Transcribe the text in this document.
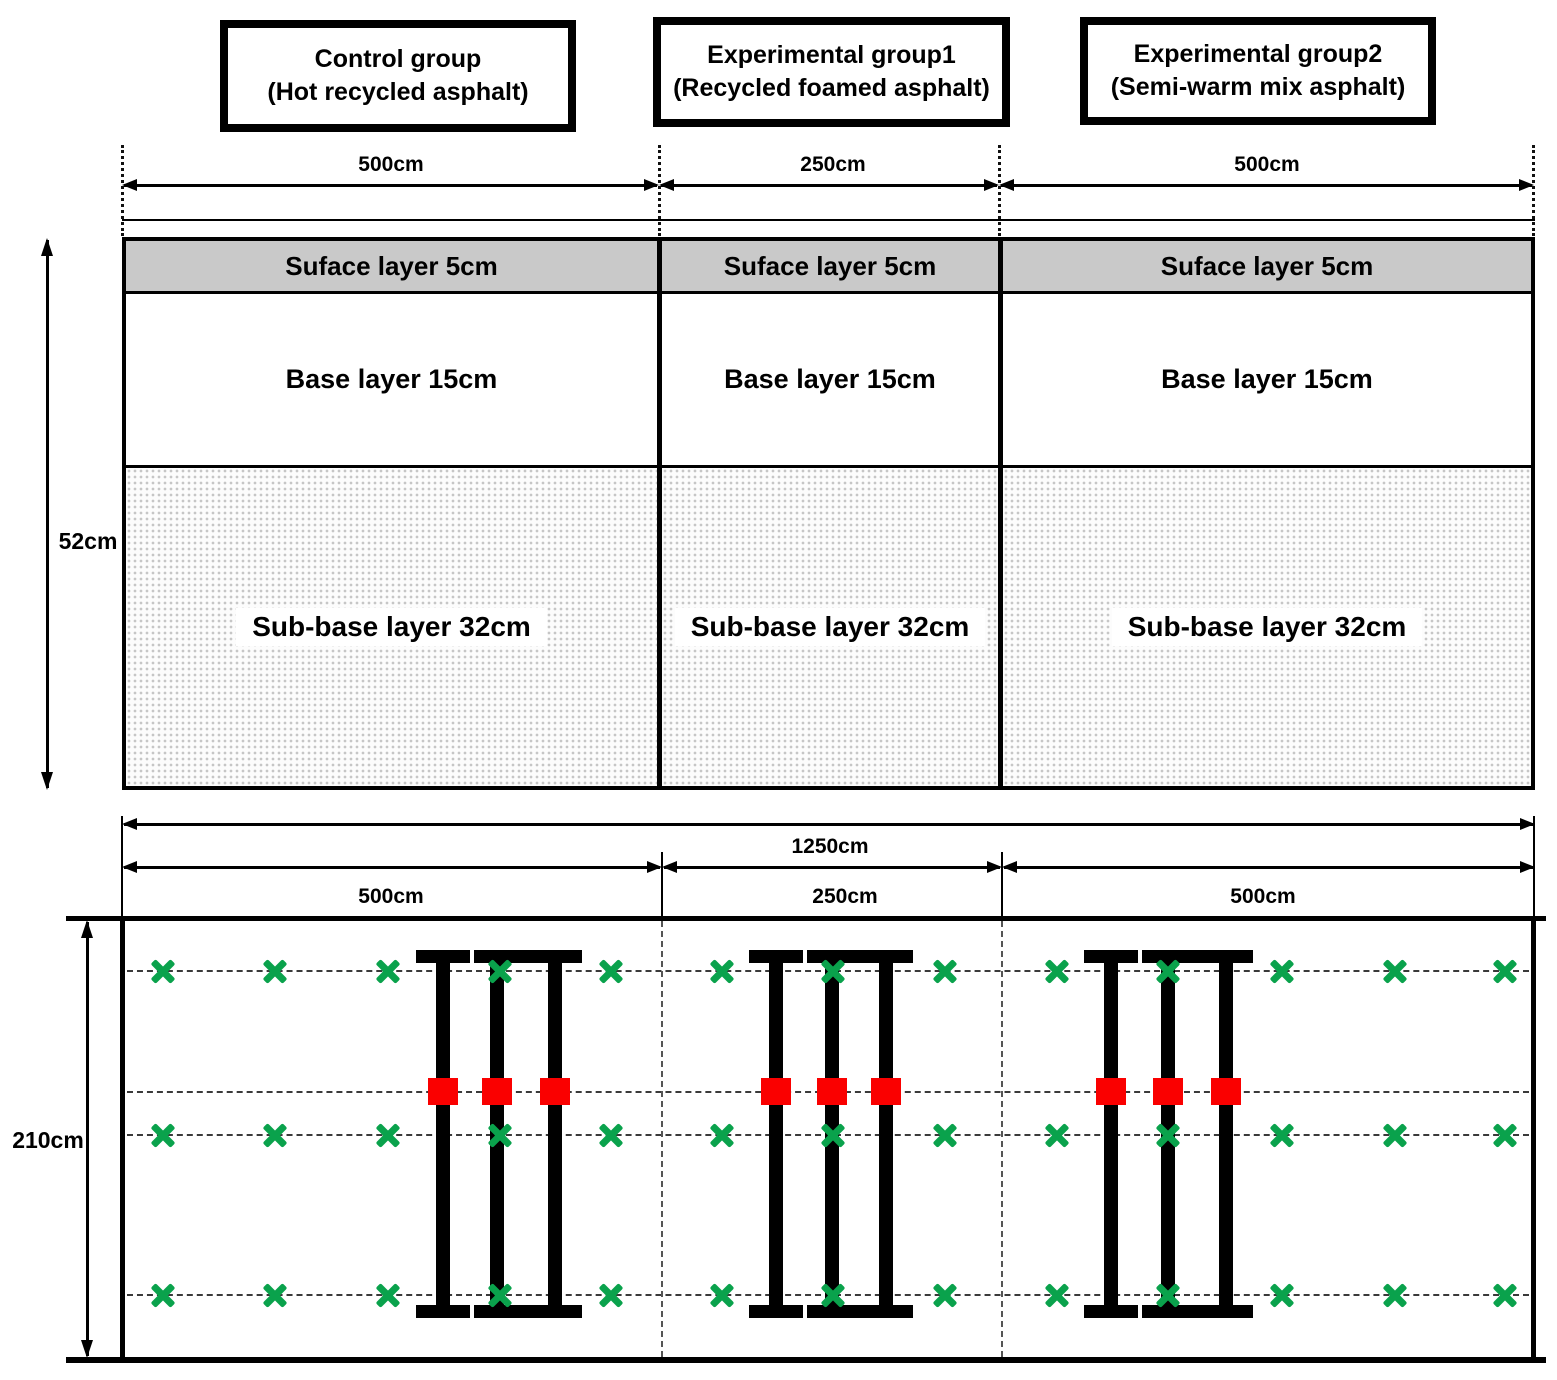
Control group
(Hot recycled asphalt)
Experimental group1
(Recycled foamed asphalt)
Experimental group2
(Semi-warm mix asphalt)
500cm	250cm	500cm
Suface layer 5cm	Suface layer 5cm	Suface layer 5cm
Base layer 15cm	Base layer 15cm	Base layer 15cm
Sub-base layer 32cm	Sub-base layer 32cm	Sub-base layer 32cm
52cm
1250cm
500cm	250cm	500cm
210cm
